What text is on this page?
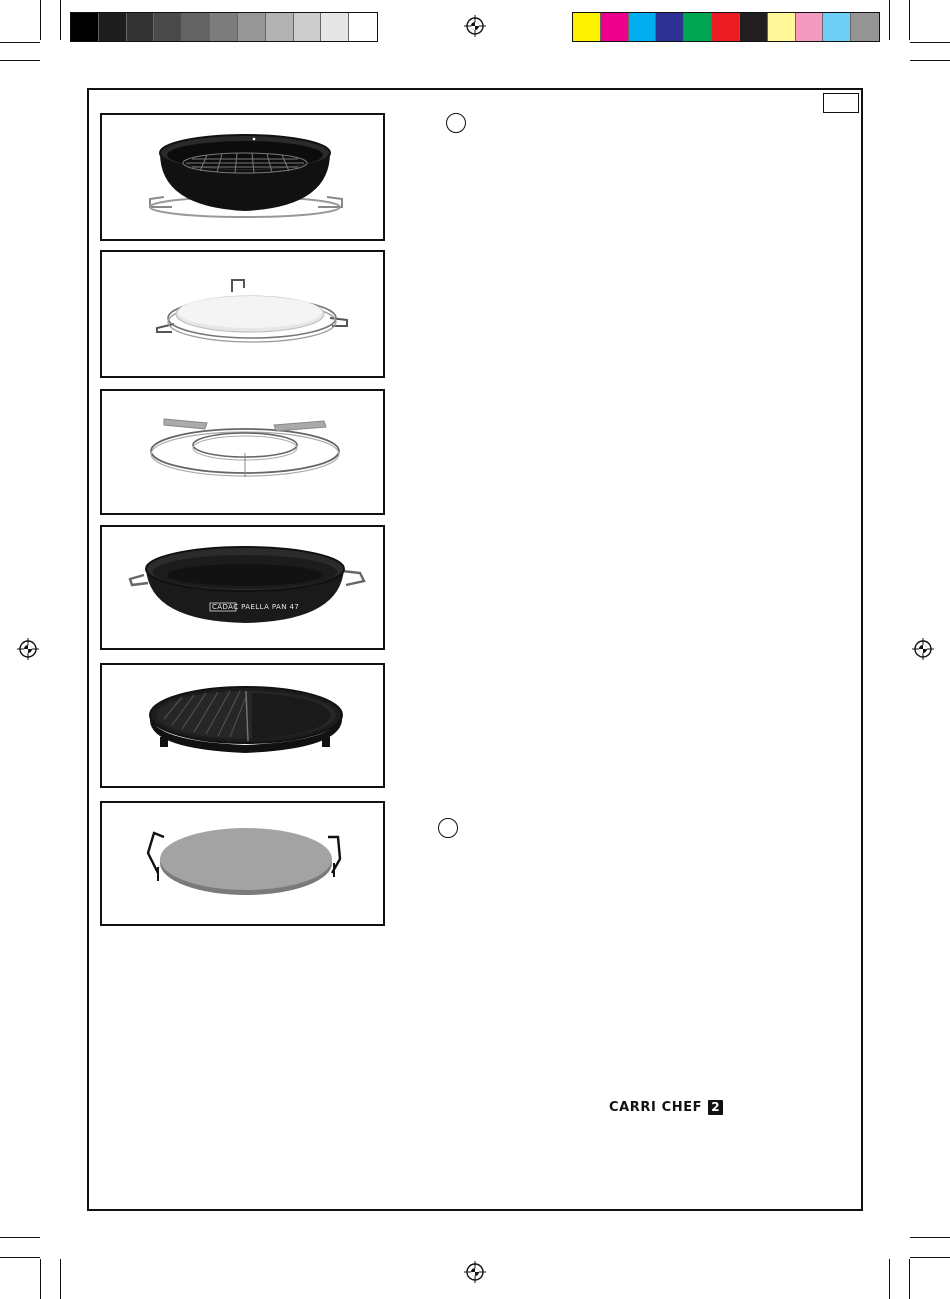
CADAC PAELLA PAN 47
CARRI CHEF 2
